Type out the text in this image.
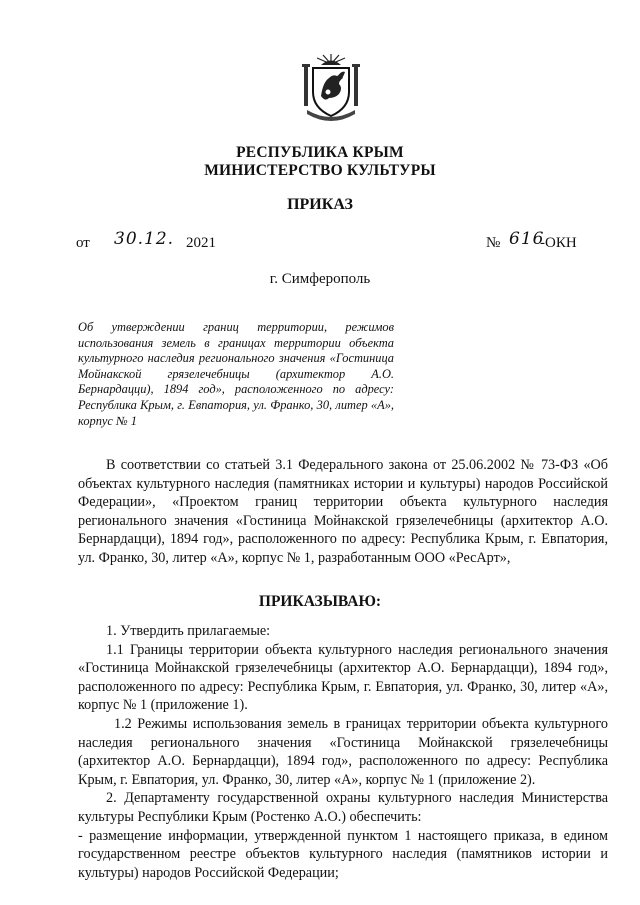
РЕСПУБЛИКА КРЫМ
МИНИСТЕРСТВО КУЛЬТУРЫ
ПРИКАЗ
от 30.12. 2021	№ 616
-ОКН
г. Симферополь
Об утверждении границ территории, режимов использования земель в границах территории объекта культурного наследия регионального значения «Гостиница Мойнакской грязелечебницы (архитектор А.О. Бернардацци), 1894 год», расположенного по адресу: Республика Крым, г. Евпатория, ул. Франко, 30, литер «А», корпус № 1
В соответствии со статьей 3.1 Федерального закона от 25.06.2002 № 73-ФЗ «Об объектах культурного наследия (памятниках истории и культуры) народов Российской Федерации», «Проектом границ территории объекта культурного наследия регионального значения «Гостиница Мойнакской грязелечебницы (архитектор А.О. Бернардацци), 1894 год», расположенного по адресу: Республика Крым, г. Евпатория, ул. Франко, 30, литер «А», корпус № 1, разработанным ООО «РесАрт»,
ПРИКАЗЫВАЮ:

1. Утвердить прилагаемые:

1.1 Границы территории объекта культурного наследия регионального значения «Гостиница Мойнакской грязелечебницы (архитектор А.О. Бернардацци), 1894 год», расположенного по адресу: Республика Крым, г. Евпатория, ул. Франко, 30, литер «А», корпус № 1 (приложение 1).

1.2 Режимы использования земель в границах территории объекта культурного наследия регионального значения «Гостиница Мойнакской грязелечебницы (архитектор А.О. Бернардацци), 1894 год», расположенного по адресу: Республика Крым, г. Евпатория, ул. Франко, 30, литер «А», корпус № 1 (приложение 2).

2. Департаменту государственной охраны культурного наследия Министерства культуры Республики Крым (Ростенко А.О.) обеспечить:

- размещение информации, утвержденной пунктом 1 настоящего приказа, в едином государственном реестре объектов культурного наследия (памятников истории и культуры) народов Российской Федерации;
